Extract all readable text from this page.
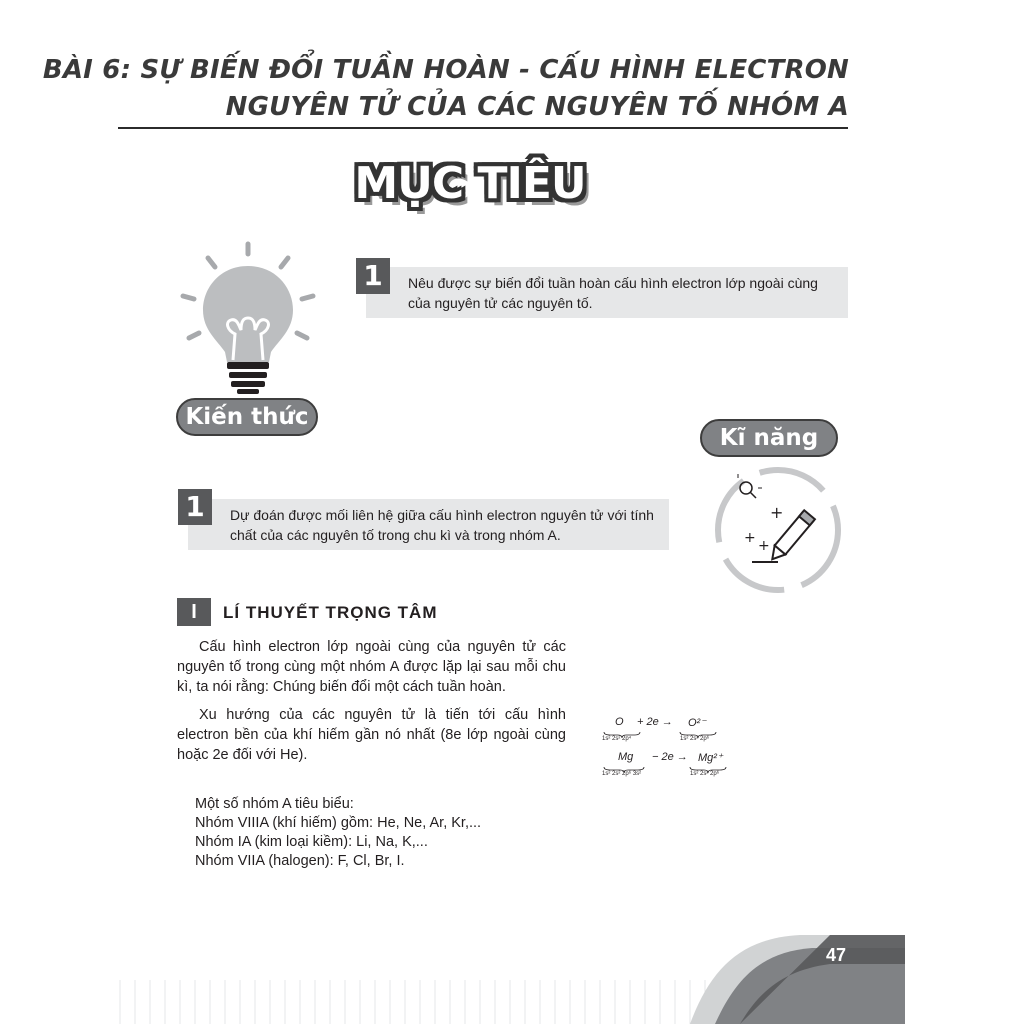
BÀI 6: SỰ BIẾN ĐỔI TUẦN HOÀN - CẤU HÌNH ELECTRON
NGUYÊN TỬ CỦA CÁC NGUYÊN TỐ NHÓM A
MỤC TIÊU
Kiến thức
Nêu được sự biến đổi tuần hoàn cấu hình electron lớp ngoài cùng của nguyên tử các nguyên tố.
1
Kĩ năng
+
+ +
Dự đoán được mối liên hệ giữa cấu hình electron nguyên tử với tính chất của các nguyên tố trong chu kì và trong nhóm A.
1
I	LÍ THUYẾT TRỌNG TÂM
Cấu hình electron lớp ngoài cùng của nguyên tử các nguyên tố trong cùng một nhóm A được lặp lại sau mỗi chu kì, ta nói rằng: Chúng biến đổi một cách tuần hoàn.
Xu hướng của các nguyên tử là tiến tới cấu hình electron bền của khí hiếm gần nó nhất (8e lớp ngoài cùng hoặc 2e đối với He).
O
1s² 2s² 2p⁴
+ 2e → O²⁻
1s² 2s² 2p⁶
Mg
1s² 2s² 2p⁶ 3s²
− 2e → Mg²⁺
1s² 2s² 2p⁶
Một số nhóm A tiêu biểu:
Nhóm VIIIA (khí hiếm) gồm: He, Ne, Ar, Kr,...
Nhóm IA (kim loại kiềm): Li, Na, K,...
Nhóm VIIA (halogen): F, Cl, Br, I.
47
